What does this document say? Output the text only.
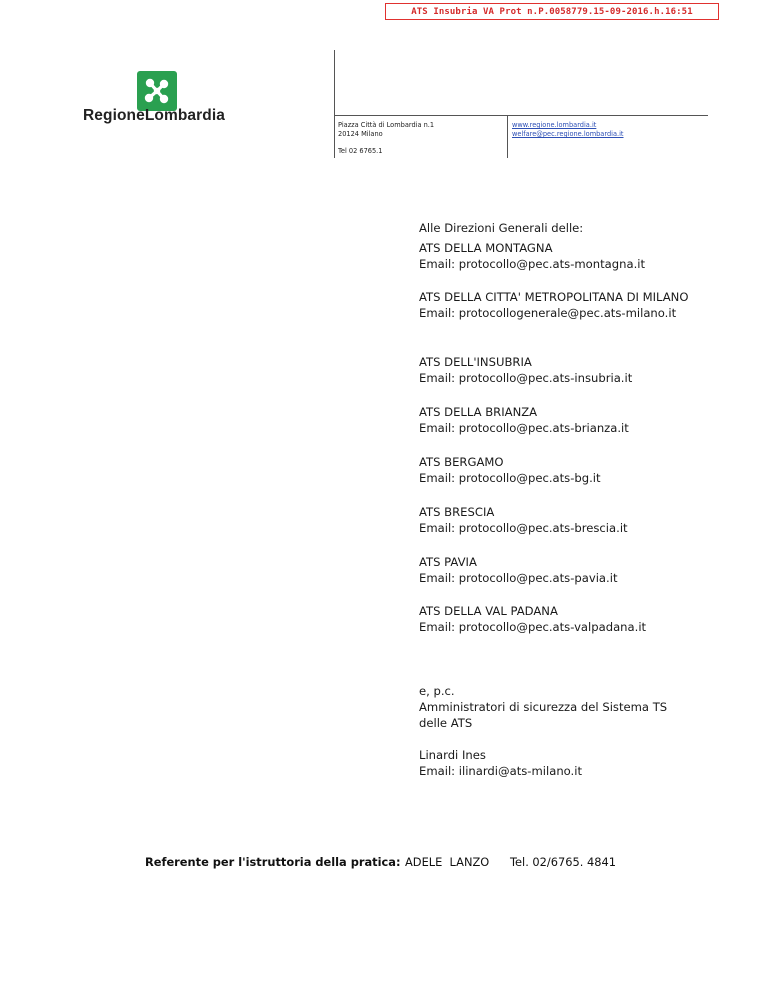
ATS Insubria VA Prot n.P.0058779.15-09-2016.h.16:51
RegioneLombardia
Piazza Città di Lombardia n.1
20124 Milano
Tel 02 6765.1
www.regione.lombardia.it
welfare@pec.regione.lombardia.it
Alle Direzioni Generali delle:

ATS DELLA MONTAGNA

Email: protocollo@pec.ats-montagna.it

ATS DELLA CITTA' METROPOLITANA DI MILANO

Email: protocollogenerale@pec.ats-milano.it

ATS DELL'INSUBRIA

Email: protocollo@pec.ats-insubria.it

ATS DELLA BRIANZA

Email: protocollo@pec.ats-brianza.it

ATS BERGAMO

Email: protocollo@pec.ats-bg.it

ATS BRESCIA

Email: protocollo@pec.ats-brescia.it

ATS PAVIA

Email: protocollo@pec.ats-pavia.it

ATS DELLA VAL PADANA

Email: protocollo@pec.ats-valpadana.it

e, p.c.

Amministratori di sicurezza del Sistema TS delle ATS

Linardi Ines

Email: ilinardi@ats-milano.it

Referente per l'istruttoria della pratica: ADELE  LANZO Tel. 02/6765. 4841
